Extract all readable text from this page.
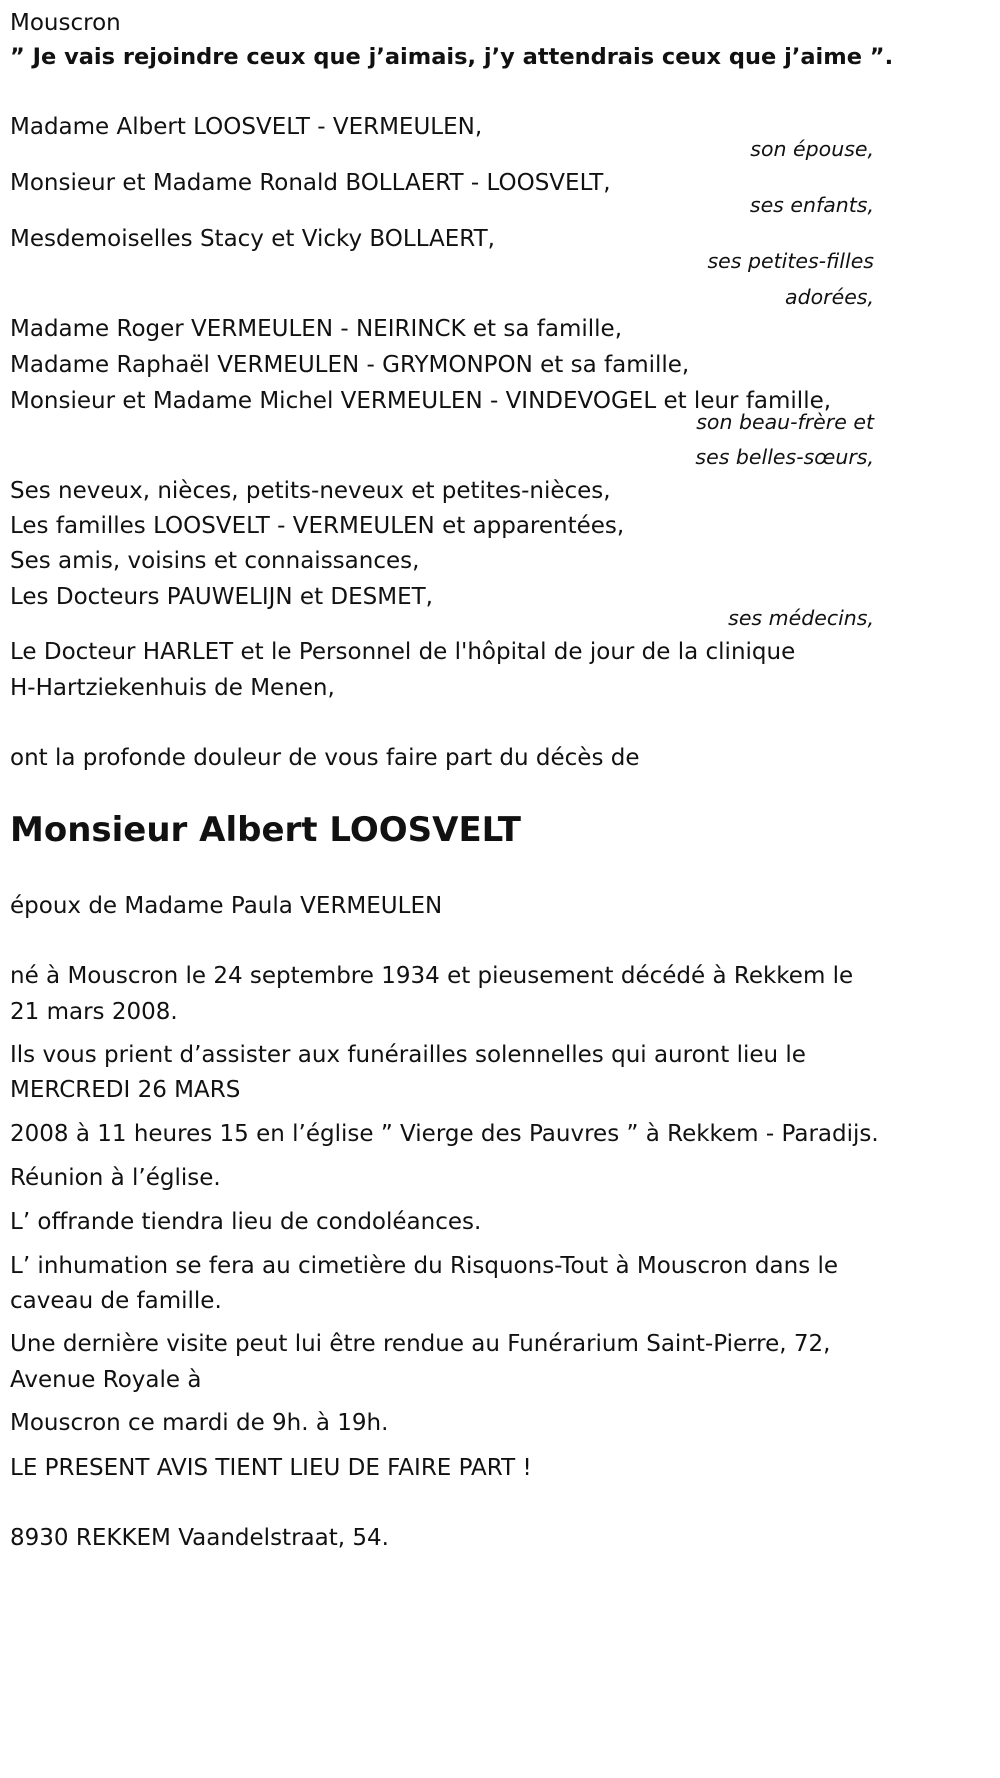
Mouscron

” Je vais rejoindre ceux que j’aimais, j’y attendrais ceux que j’aime ”.

Madame Albert LOOSVELT - VERMEULEN,

son épouse,

Monsieur et Madame Ronald BOLLAERT - LOOSVELT,

ses enfants,

Mesdemoiselles Stacy et Vicky BOLLAERT,

ses petites-filles
adorées,

Madame Roger VERMEULEN - NEIRINCK et sa famille,

Madame Raphaël VERMEULEN - GRYMONPON et sa famille,

Monsieur et Madame Michel VERMEULEN - VINDEVOGEL et leur famille,

son beau-frère et
ses belles-sœurs,

Ses neveux, nièces, petits-neveux et petites-nièces,

Les familles LOOSVELT - VERMEULEN et apparentées,

Ses amis, voisins et connaissances,

Les Docteurs PAUWELIJN et DESMET,

ses médecins,

Le Docteur HARLET et le Personnel de l'hôpital de jour de la clinique

H-Hartziekenhuis de Menen,

ont la profonde douleur de vous faire part du décès de

Monsieur Albert LOOSVELT

époux de Madame Paula VERMEULEN

né à Mouscron le 24 septembre 1934 et pieusement décédé à Rekkem le

21 mars 2008.

Ils vous prient d’assister aux funérailles solennelles qui auront lieu le

MERCREDI 26 MARS

2008 à 11 heures 15 en l’église ” Vierge des Pauvres ” à Rekkem - Paradijs.

Réunion à l’église.

L’ offrande tiendra lieu de condoléances.

L’ inhumation se fera au cimetière du Risquons-Tout à Mouscron dans le

caveau de famille.

Une dernière visite peut lui être rendue au Funérarium Saint-Pierre, 72,

Avenue Royale à

Mouscron ce mardi de 9h. à 19h.

LE PRESENT AVIS TIENT LIEU DE FAIRE PART !

8930 REKKEM Vaandelstraat, 54.
